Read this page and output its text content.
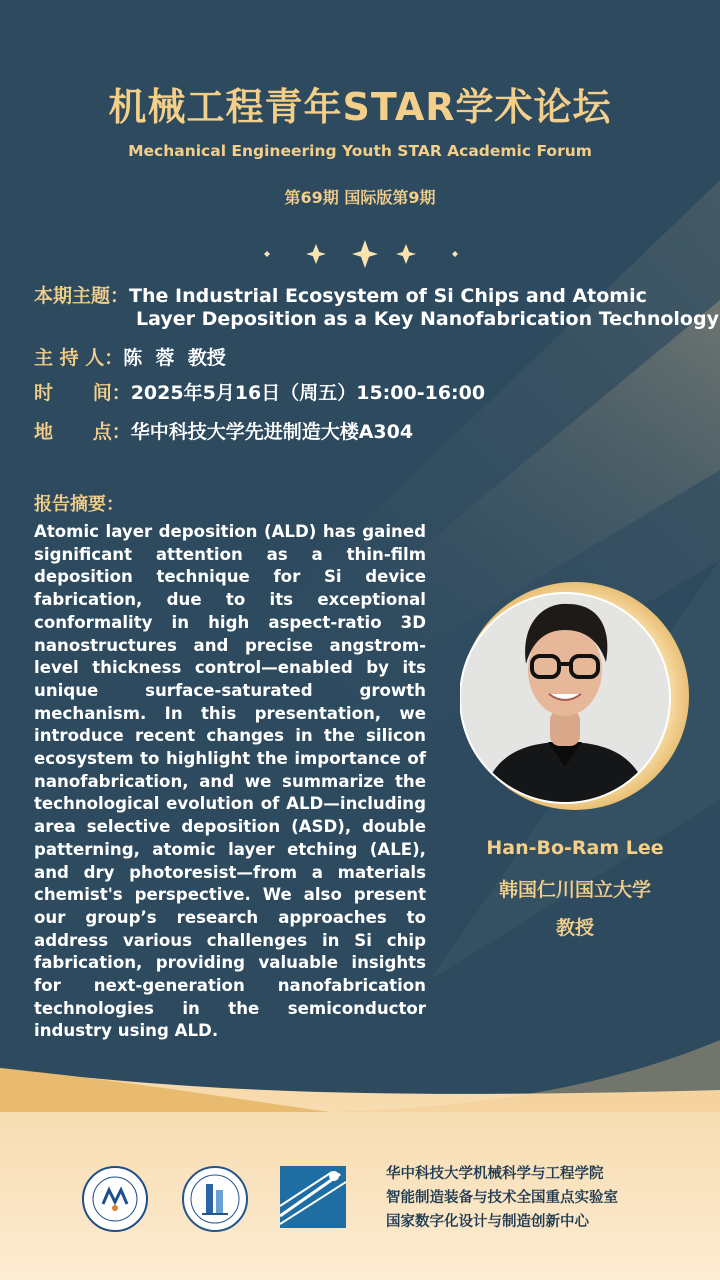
机械工程青年STAR学术论坛
Mechanical Engineering Youth STAR Academic Forum
第69期 国际版第9期
本期主题：The Industrial Ecosystem of Si Chips and Atomic
Layer Deposition as a Key Nanofabrication Technology
主 持 人：陈  蓉  教授
时      间：2025年5月16日（周五）15:00-16:00
地      点：华中科技大学先进制造大楼A304
报告摘要：
Atomic layer deposition (ALD) has gained significant attention as a thin-film deposition technique for Si device fabrication, due to its exceptional conformality in high aspect-ratio 3D nanostructures and precise angstrom-level thickness control—enabled by its unique surface-saturated growth mechanism. In this presentation, we introduce recent changes in the silicon ecosystem to highlight the importance of nanofabrication, and we summarize the technological evolution of ALD—including area selective deposition (ASD), double patterning, atomic layer etching (ALE), and dry photoresist—from a materials chemist's perspective. We also present our group’s research approaches to address various challenges in Si chip fabrication, providing valuable insights for next-generation nanofabrication technologies in the semiconductor industry using ALD.
Han-Bo-Ram Lee
韩国仁川国立大学
教授
华中科技大学机械科学与工程学院
智能制造装备与技术全国重点实验室
国家数字化设计与制造创新中心
